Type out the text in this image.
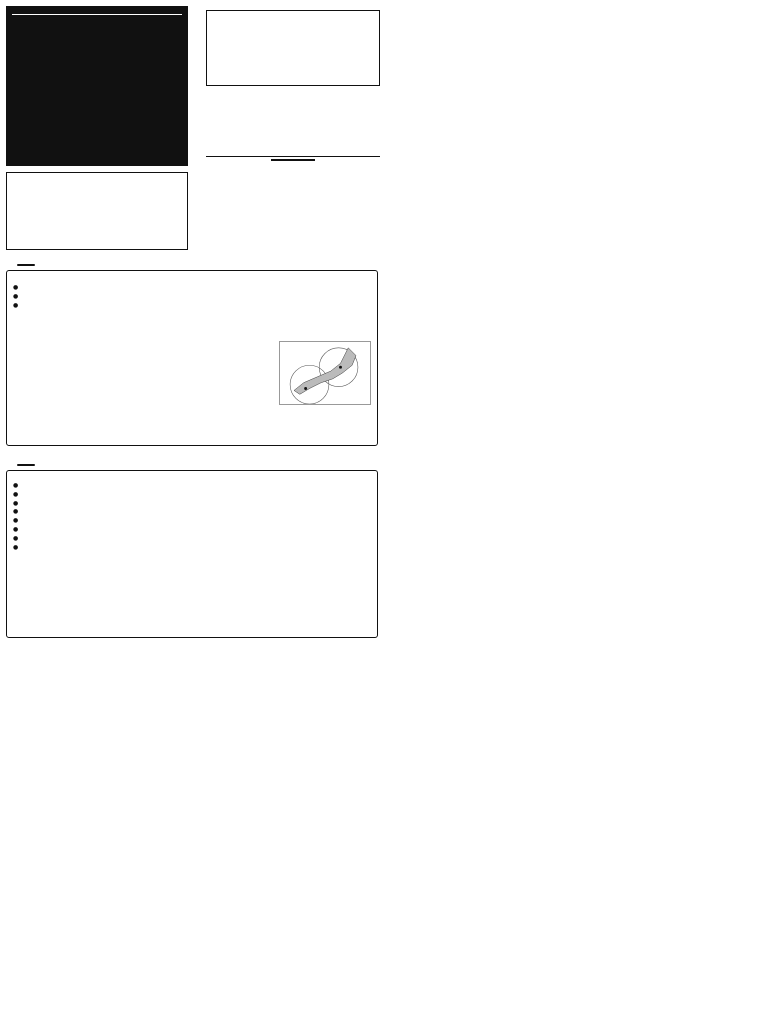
●
●
●
●
●
●
●
●
●
●
●
